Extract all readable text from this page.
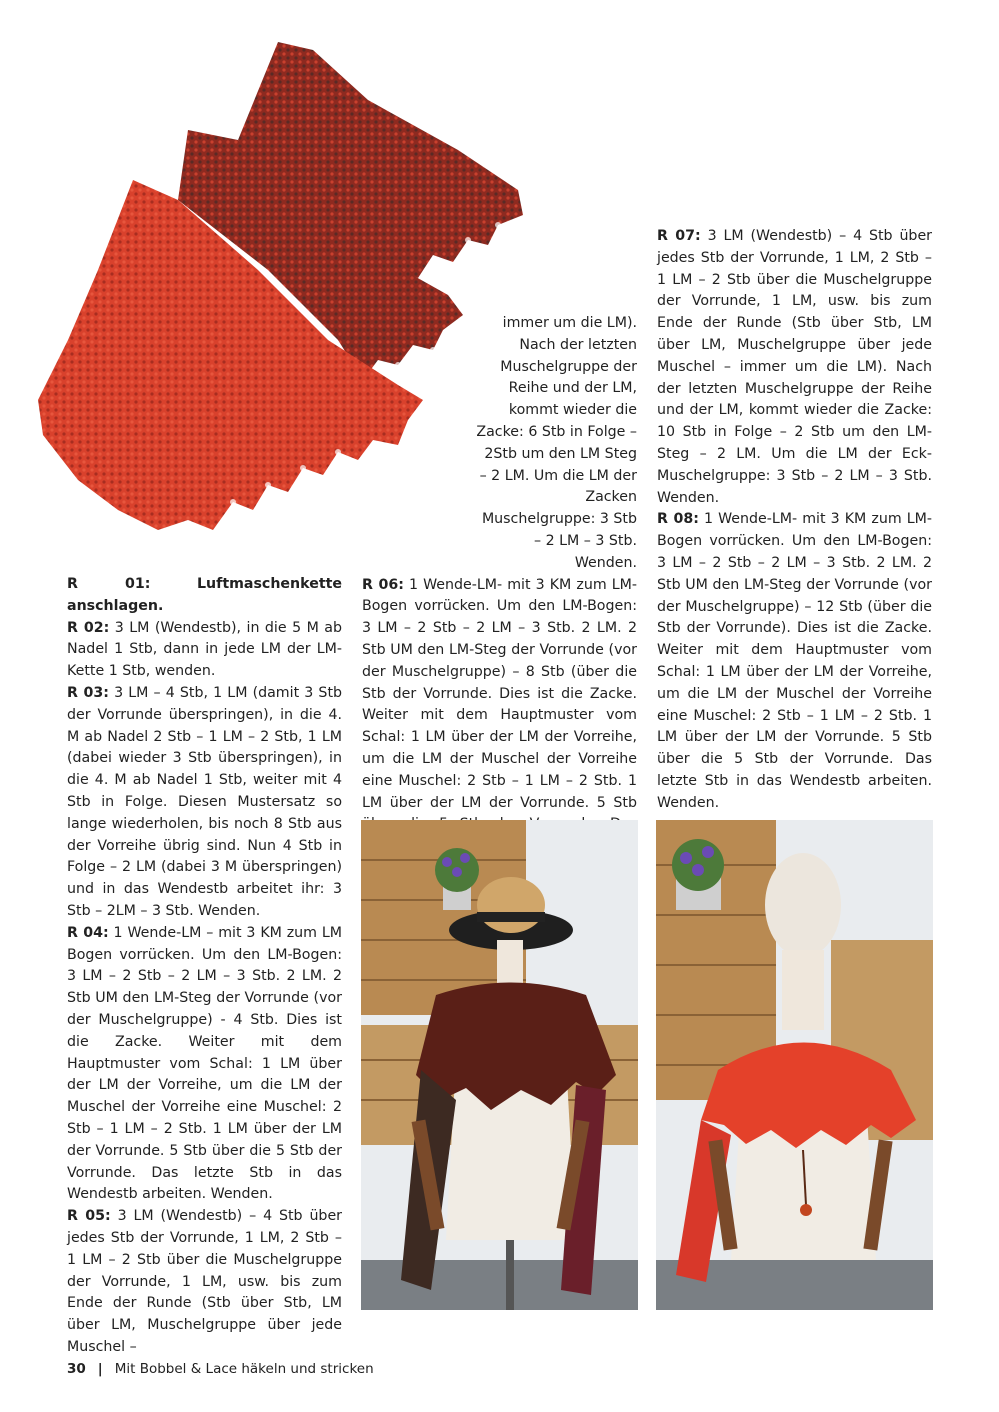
R 01:	Luftmaschenkette anschlagen.

R 02: 3 LM (Wendestb), in die 5 M ab Nadel 1 Stb, dann in jede LM der LM-Kette 1 Stb, wenden.

R 03: 3 LM – 4 Stb, 1 LM (damit 3 Stb der Vorrunde überspringen), in die 4. M ab Nadel 2 Stb – 1 LM – 2 Stb, 1 LM (dabei wieder 3 Stb überspringen), in die 4. M ab Nadel 1 Stb, weiter mit 4 Stb in Folge. Diesen Mustersatz so lange wiederholen, bis noch 8 Stb aus der Vorreihe übrig sind. Nun 4 Stb in Folge – 2 LM (dabei 3 M überspringen) und in das Wendestb arbeitet ihr: 3 Stb – 2LM – 3 Stb. Wenden.

R 04: 1 Wende-LM – mit 3 KM zum LM Bogen vorrücken. Um den LM-Bogen: 3 LM – 2 Stb – 2 LM – 3 Stb. 2 LM. 2 Stb UM den LM-Steg der Vorrunde (vor der Muschelgruppe) - 4 Stb. Dies ist die Zacke. Weiter mit dem Hauptmuster vom Schal: 1 LM über der LM der Vorreihe, um die LM der Muschel der Vorreihe eine Muschel: 2 Stb – 1 LM – 2 Stb. 1 LM über der LM der Vorrunde. 5 Stb über die 5 Stb der Vorrunde. Das letzte Stb in das Wendestb arbeiten. Wenden.

R 05: 3 LM (Wendestb) – 4 Stb über jedes Stb der Vorrunde, 1 LM, 2 Stb – 1 LM – 2 Stb über die Muschelgruppe der Vorrunde, 1 LM, usw. bis zum Ende der Runde (Stb über Stb, LM über LM, Muschelgruppe über jede Muschel –

immer um die LM). Nach der letzten Muschelgruppe der Reihe und der LM, kommt wieder die Zacke: 6 Stb in Folge – 2Stb um den LM Steg – 2 LM. Um die LM der Zacken Muschelgruppe: 3 Stb – 2 LM – 3 Stb. Wenden.

R 06: 1 Wende-LM- mit 3 KM zum LM-Bogen vorrücken. Um den LM-Bogen: 3 LM – 2 Stb – 2 LM – 3 Stb. 2 LM. 2 Stb UM den LM-Steg der Vorrunde (vor der Muschelgruppe) – 8 Stb (über die Stb der Vorrunde. Dies ist die Zacke. Weiter mit dem Hauptmuster vom Schal: 1 LM über der LM der Vorreihe, um die LM der Muschel der Vorreihe eine Muschel: 2 Stb – 1 LM – 2 Stb. 1 LM über der LM der Vorrunde. 5 Stb

R 07: 3 LM (Wendestb) – 4 Stb über jedes Stb der Vorrunde, 1 LM, 2 Stb – 1 LM – 2 Stb über die Muschelgruppe der Vorrunde, 1 LM, usw. bis zum Ende der Runde (Stb über Stb, LM über LM, Muschelgruppe über jede Muschel – immer um die LM). Nach der letzten Muschelgruppe der Reihe und der LM, kommt wieder die Zacke: 10 Stb in Folge – 2 Stb um den LM-Steg – 2 LM. Um die LM der Eck- Muschelgruppe: 3 Stb – 2 LM – 3 Stb. Wenden.

R 08: 1 Wende-LM- mit 3 KM zum LM-Bogen vorrücken. Um den LM-Bogen: 3 LM – 2 Stb – 2 LM – 3 Stb. 2 LM. 2 Stb UM den LM-Steg der Vorrunde (vor der Muschelgruppe) – 12 Stb (über die Stb der Vorrunde). Dies ist die Zacke. Weiter mit dem Hauptmuster vom Schal: 1 LM über der LM der Vorreihe, um die LM der Muschel der Vorreihe eine Muschel: 2 Stb – 1 LM – 2 Stb. 1 LM über der LM der Vorrunde. 5 Stb über die 5 Stb der Vorrunde. Das letzte Stb in das Wendestb arbeiten. Wenden.

30 | Mit Bobbel & Lace häkeln und stricken
